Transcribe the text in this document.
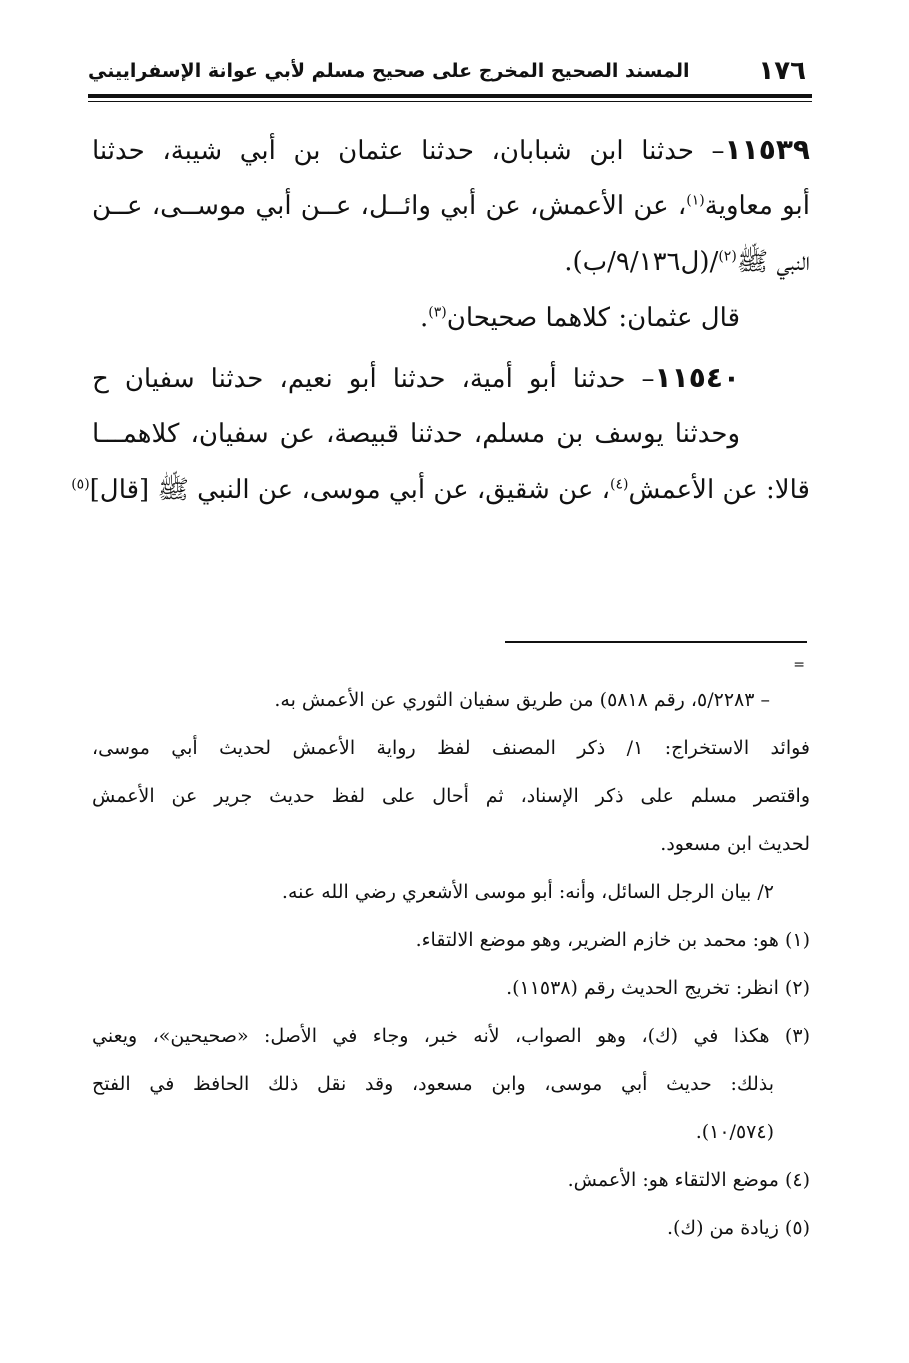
١٧٦
المسند الصحيح المخرج على صحيح مسلم لأبي عوانة الإسفراييني
١١٥٣٩– حدثنا ابن شبابان، حدثنا عثمان بن أبي شيبة، حدثنا
أبو معاوية$^{(١)}$، عن الأعمش، عن أبي وائــل، عــن أبي موســى، عــن
النبي ﷺ$^{(٢)}$/(ل٩/١٣٦/ب).
قال عثمان: كلاهما صحيحان$^{(٣)}$.
١١٥٤٠– حدثنا أبو أمية، حدثنا أبو نعيم، حدثنا سفيان ح
وحدثنا يوسف بن مسلم، حدثنا قبيصة، عن سفيان، كلاهمـــا
قالا: عن الأعمش$^{(٤)}$، عن شقيق، عن أبي موسى، عن النبي ﷺ [قال]$^{(٥)}$
=
– ٥/٢٢٨٣، رقم ٥٨١٨) من طريق سفيان الثوري عن الأعمش به.
فوائد الاستخراج: ١/ ذكر المصنف لفظ رواية الأعمش لحديث أبي موسى،
واقتصر مسلم على ذكر الإسناد، ثم أحال على لفظ حديث جرير عن الأعمش
لحديث ابن مسعود.
٢/ بيان الرجل السائل، وأنه: أبو موسى الأشعري رضي الله عنه.
(١) هو: محمد بن خازم الضرير، وهو موضع الالتقاء.
(٢) انظر: تخريج الحديث رقم (١١٥٣٨).
(٣) هكذا في (ك)، وهو الصواب، لأنه خبر، وجاء في الأصل: «صحيحين»، ويعني
بذلك: حديث أبي موسى، وابن مسعود، وقد نقل ذلك الحافظ في الفتح
(١٠/٥٧٤).
(٤) موضع الالتقاء هو: الأعمش.
(٥) زيادة من (ك).
